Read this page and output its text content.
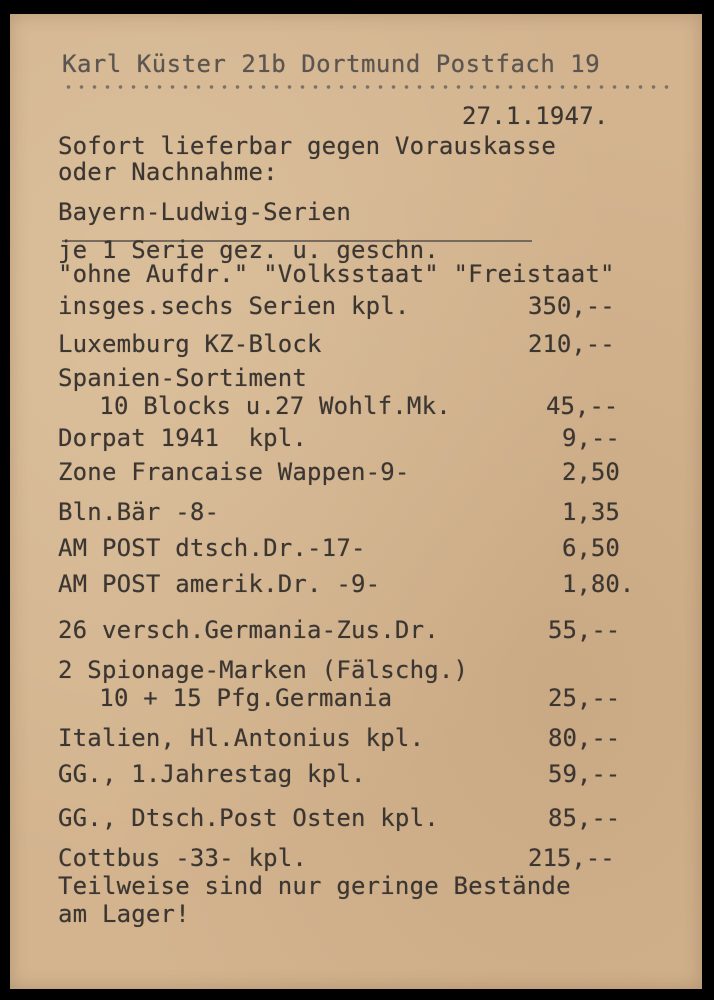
Karl Küster 21b Dortmund Postfach 19
27.1.1947.
Sofort lieferbar gegen Vorauskasse
oder Nachnahme:
Bayern-Ludwig-Serien
je 1 Serie gez. u. geschn.
"ohne Aufdr." "Volksstaat" "Freistaat"
insges.sechs Serien kpl.	350,--
Luxemburg KZ-Block	210,--
Spanien-Sortiment
10 Blocks u.27 Wohlf.Mk.	45,--
Dorpat 1941  kpl.	9,--
Zone Francaise Wappen-9-	2,50
Bln.Bär -8-	1,35
AM POST dtsch.Dr.-17-	6,50
AM POST amerik.Dr. -9-	1,80.
26 versch.Germania-Zus.Dr.	55,--
2 Spionage-Marken (Fälschg.)
10 + 15 Pfg.Germania	25,--
Italien, Hl.Antonius kpl.	80,--
GG., 1.Jahrestag kpl.	59,--
GG., Dtsch.Post Osten kpl.	85,--
Cottbus -33- kpl.	215,--
Teilweise sind nur geringe Bestände
am Lager!
